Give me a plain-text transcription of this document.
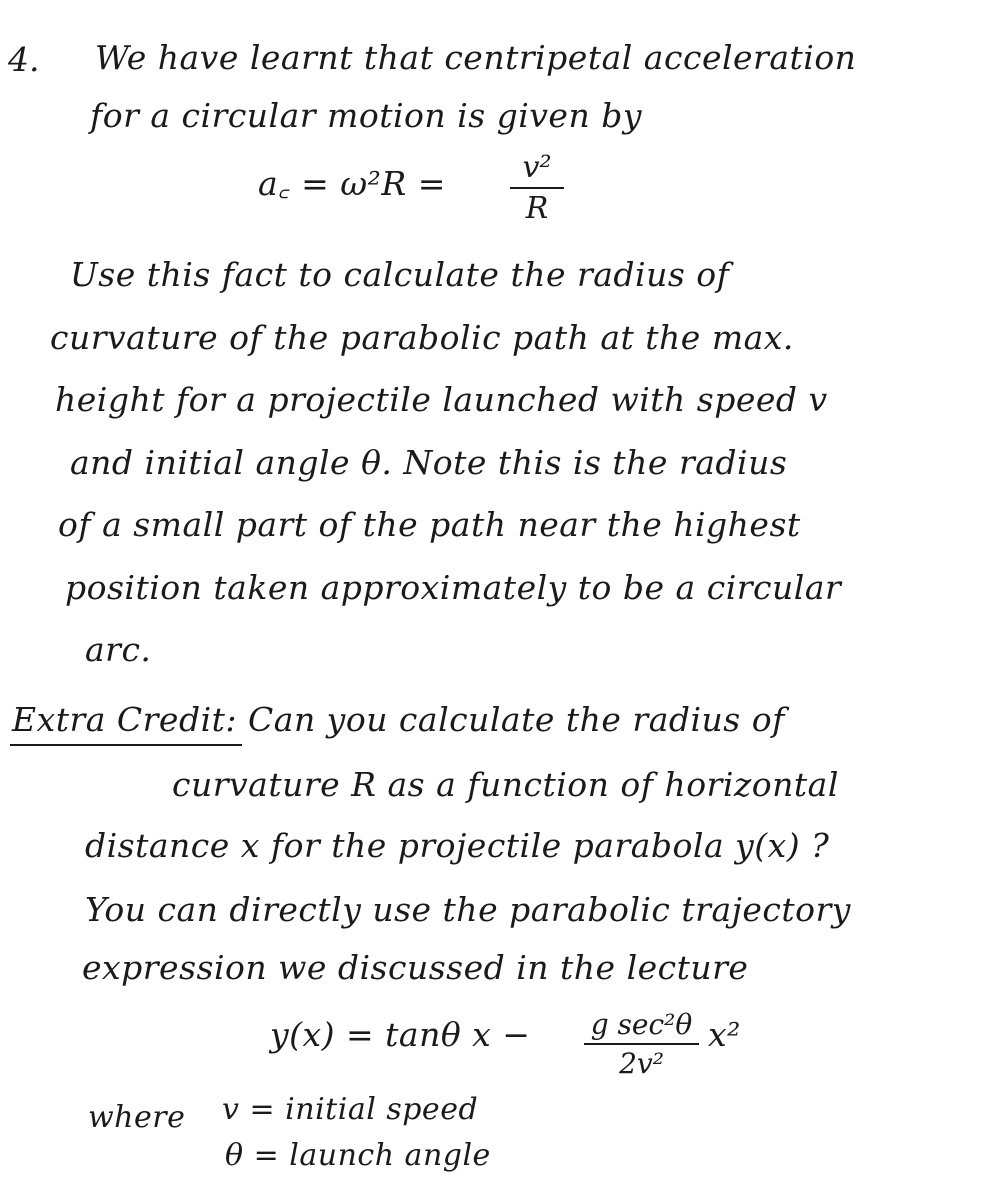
4. We have learnt that centripetal acceleration
for a circular motion is given by
a꜀ = ω²R =	v²
R
Use this fact to calculate the radius of
curvature of the parabolic path at the max.
height for a projectile launched with speed v
and initial angle θ. Note this is the radius
of a small part of the path near the highest
position taken approximately to be a circular
arc.
Extra Credit: Can you calculate the radius of
curvature R as a function of horizontal
distance x for the projectile parabola y(x) ?
You can directly use the parabolic trajectory
expression we discussed in the lecture
y(x) = tanθ x − g sec²θ
2v²
x²
where v = initial speed
θ = launch angle
